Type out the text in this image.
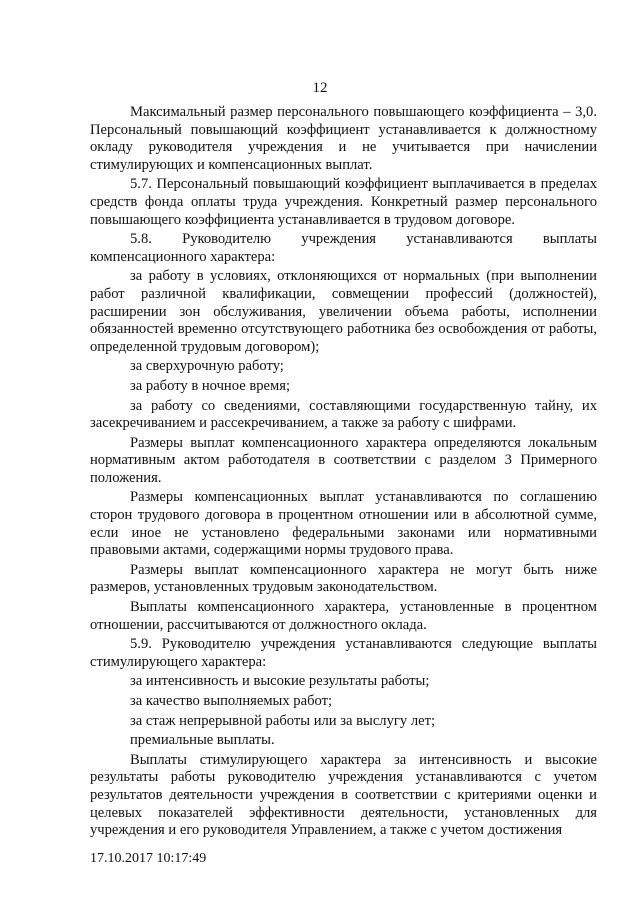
12

Максимальный размер персонального повышающего коэффициента – 3,0. Персональный повышающий коэффициент устанавливается к должностному окладу руководителя учреждения и не учитывается при начислении стимулирующих и компенсационных выплат.

5.7. Персональный повышающий коэффициент выплачивается в пределах средств фонда оплаты труда учреждения. Конкретный размер персонального повышающего коэффициента устанавливается в трудовом договоре.

5.8. Руководителю учреждения устанавливаются выплаты компенсационного характера:

за работу в условиях, отклоняющихся от нормальных (при выполнении работ различной квалификации, совмещении профессий (должностей), расширении зон обслуживания, увеличении объема работы, исполнении обязанностей временно отсутствующего работника без освобождения от работы, определенной трудовым договором);

за сверхурочную работу;

за работу в ночное время;

за работу со сведениями, составляющими государственную тайну, их засекречиванием и рассекречиванием, а также за работу с шифрами.

Размеры выплат компенсационного характера определяются локальным нормативным актом работодателя в соответствии с разделом 3 Примерного положения.

Размеры компенсационных выплат устанавливаются по соглашению сторон трудового договора в процентном отношении или в абсолютной сумме, если иное не установлено федеральными законами или нормативными правовыми актами, содержащими нормы трудового права.

Размеры выплат компенсационного характера не могут быть ниже размеров, установленных трудовым законодательством.

Выплаты компенсационного характера, установленные в процентном отношении, рассчитываются от должностного оклада.

5.9. Руководителю учреждения устанавливаются следующие выплаты стимулирующего характера:

за интенсивность и высокие результаты работы;

за качество выполняемых работ;

за стаж непрерывной работы или за выслугу лет;

премиальные выплаты.

Выплаты стимулирующего характера за интенсивность и высокие результаты работы руководителю учреждения устанавливаются с учетом результатов деятельности учреждения в соответствии с критериями оценки и целевых показателей эффективности деятельности, установленных для учреждения и его руководителя Управлением, а также с учетом достижения

17.10.2017 10:17:49
